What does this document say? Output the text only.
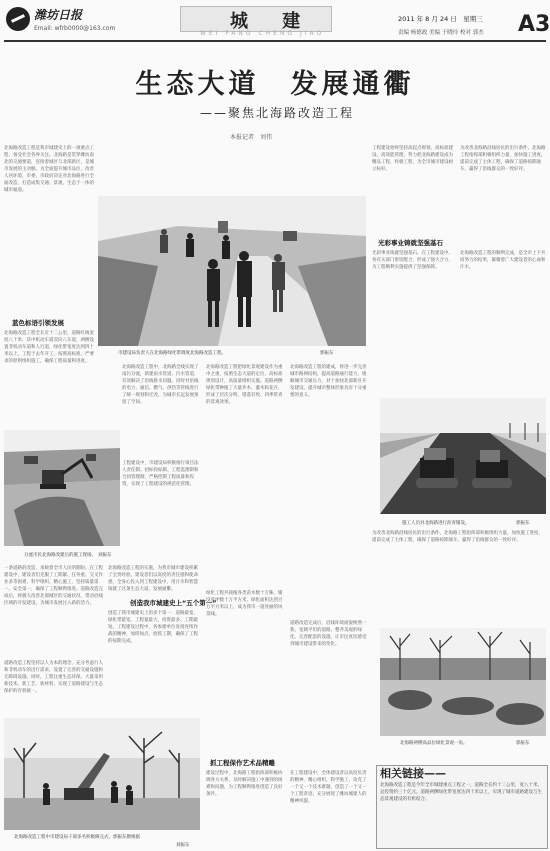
潍坊日报
Email: wfrb0000@163.com	城 建
WEI FANG CHENG JIAO
2011 年 8 月 24 日　星期三
责编 杨德政 美编 于晓玲 校对 郭杰 A3
生态大道　发展通衢
——聚焦北海路改造工程
本报记者　刘伟
北海路改造工程是我市城建史上的一项重点工程，备受社会各界关注。北海路是贯穿潍坊南北的交通要道，连接着城区与北部新区，是城市发展的主动脉。为全面提升城市品位，改善人居环境，市委、市政府决定对北海路进行全面改造，打造成集交通、景观、生态于一体的城市通道。
蓝色标语引领发展
北海路改造工程全长近十二公里，道路红线宽度八十米，其中机动车道双向八车道，两侧设置非机动车道和人行道，绿化带宽度达到四十米以上。工程于去年开工，按照高标准、严要求的原则组织施工，确保工程质量和进度。
市建设局负责人在北海路绿化带调度北海路改造工程。	郭振东
工程建设始终坚持高起点规划、高标准建设、高效能管理，努力把北海路建设成为精品工程、样板工程，为全市城市建设树立标杆。
为改善北海路沿线居民的出行条件，北海路工程指挥部积极组织力量，加快施工进度，提前完成了主体工程，确保了道路按期通车，赢得了沿线群众的一致好评。
光彩事业铸就坚强基石
光彩事业铸就坚强基石。在工程建设中，各有关部门密切配合，形成了强大合力，为工程顺利实施提供了坚强保障。
北海路改造工程的顺利完成，是全市上下共同努力的结果，凝聚着广大建设者的心血和汗水。
分流市民北海路改建后的施工现场。 刘振东
北海路改造工程中，北海路全线实现了雨污分流，新建雨水管道、污水管道，有效解决了沿线排水问题。同时对沿线的电力、通信、燃气、供热等管线进行了统一规划和迁改，为城市长远发展预留了空间。
工程建设中，市建设局积极推行项目法人责任制、招标投标制、工程监理制和合同管理制，严格控制工程质量和投资，实现了工程建设的规范化管理。
北海路改造工程把绿化景观建设作为重中之重，按照生态大道的定位，高标准规划设计，高质量组织实施。道路两侧绿化带种植了大量乔木、灌木和花卉，形成了层次分明、错落有致、四季常青的景观效果。
北海路改造工程的建成，将进一步完善城市路网结构，提高道路通行能力，缓解城市交通压力，对于加快北部新区开发建设、提升城市整体形象具有十分重要的意义。
施工人员对北海路进行沥青铺设。	郭振东
为改善北海路沿线居民的出行条件，北海路工程指挥部积极组织力量，加快施工进度，提前完成了主体工程，确保了道路按期通车，赢得了沿线群众的一致好评。
一条道路的改造，承载着全市人民的期盼。在工程建设中，建设者们克服了工期紧、任务重、交叉作业多等困难，科学组织、精心施工，坚持质量第一、安全第一，确保了工程顺利推进。道路改造完成后，将极大改善北部城区的交通状况，带动沿线区域的开发建设，为城市发展注入新的活力。
道路改造工程坚持以人为本的理念，充分考虑行人和非机动车的出行需求，设置了完善的交通设施和无障碍设施。同时，工程注重生态环保，大量采用新技术、新工艺、新材料，实现了道路建设与生态保护的有机统一。
创造我市城建史上“五个第一”
北海路改造工程的实施，为我市城市建设积累了宝贵经验。建设者们以高度的责任感和使命感，全身心投入到工程建设中，用汗水和智慧铸就了这条生态大道、发展通衢。
创造了我市城建史上的多个第一：道路最宽、绿化带最宽、工程量最大、投资最多、工期最短。工程建设过程中，各参建单位发扬连续作战的精神，加班加点，抢抓工期，确保了工程的按期完成。
抓工程保作艺术品精雕
建设过程中，北海路工程指挥部积极协调各方关系，及时解决施工中遇到的困难和问题，为工程顺利推进创造了良好条件。
绿化工程共栽植各类苗木数十万株，铺设草坪数十万平方米，绿化面积达到百万平方米以上，成为我市一道亮丽的风景线。
道路改造完成后，沿线环境面貌焕然一新。宽阔平坦的道路、整齐美观的绿化、完善配套的设施，让市民真切感受到城市建设带来的变化。
在工程建设中，全体建设者以高度负责的精神，精心组织、科学施工，攻克了一个又一个技术难题，创造了一个又一个工程奇迹，充分展现了潍坊城建人的精神风貌。
北海路改造工程中市建设局干部多名积极修完式，郭振东摄根据
刘振东
北海路两侧高品位绿化景观一角。	郭振东
相关链接——
北海路改造工程是今年全市城建重点工程之一，道路全长约十二公里，宽八十米，总投资约三十亿元。道路两侧绿化带宽度达四十米以上，实现了城市道路建设与生态景观建设的有机结合。
